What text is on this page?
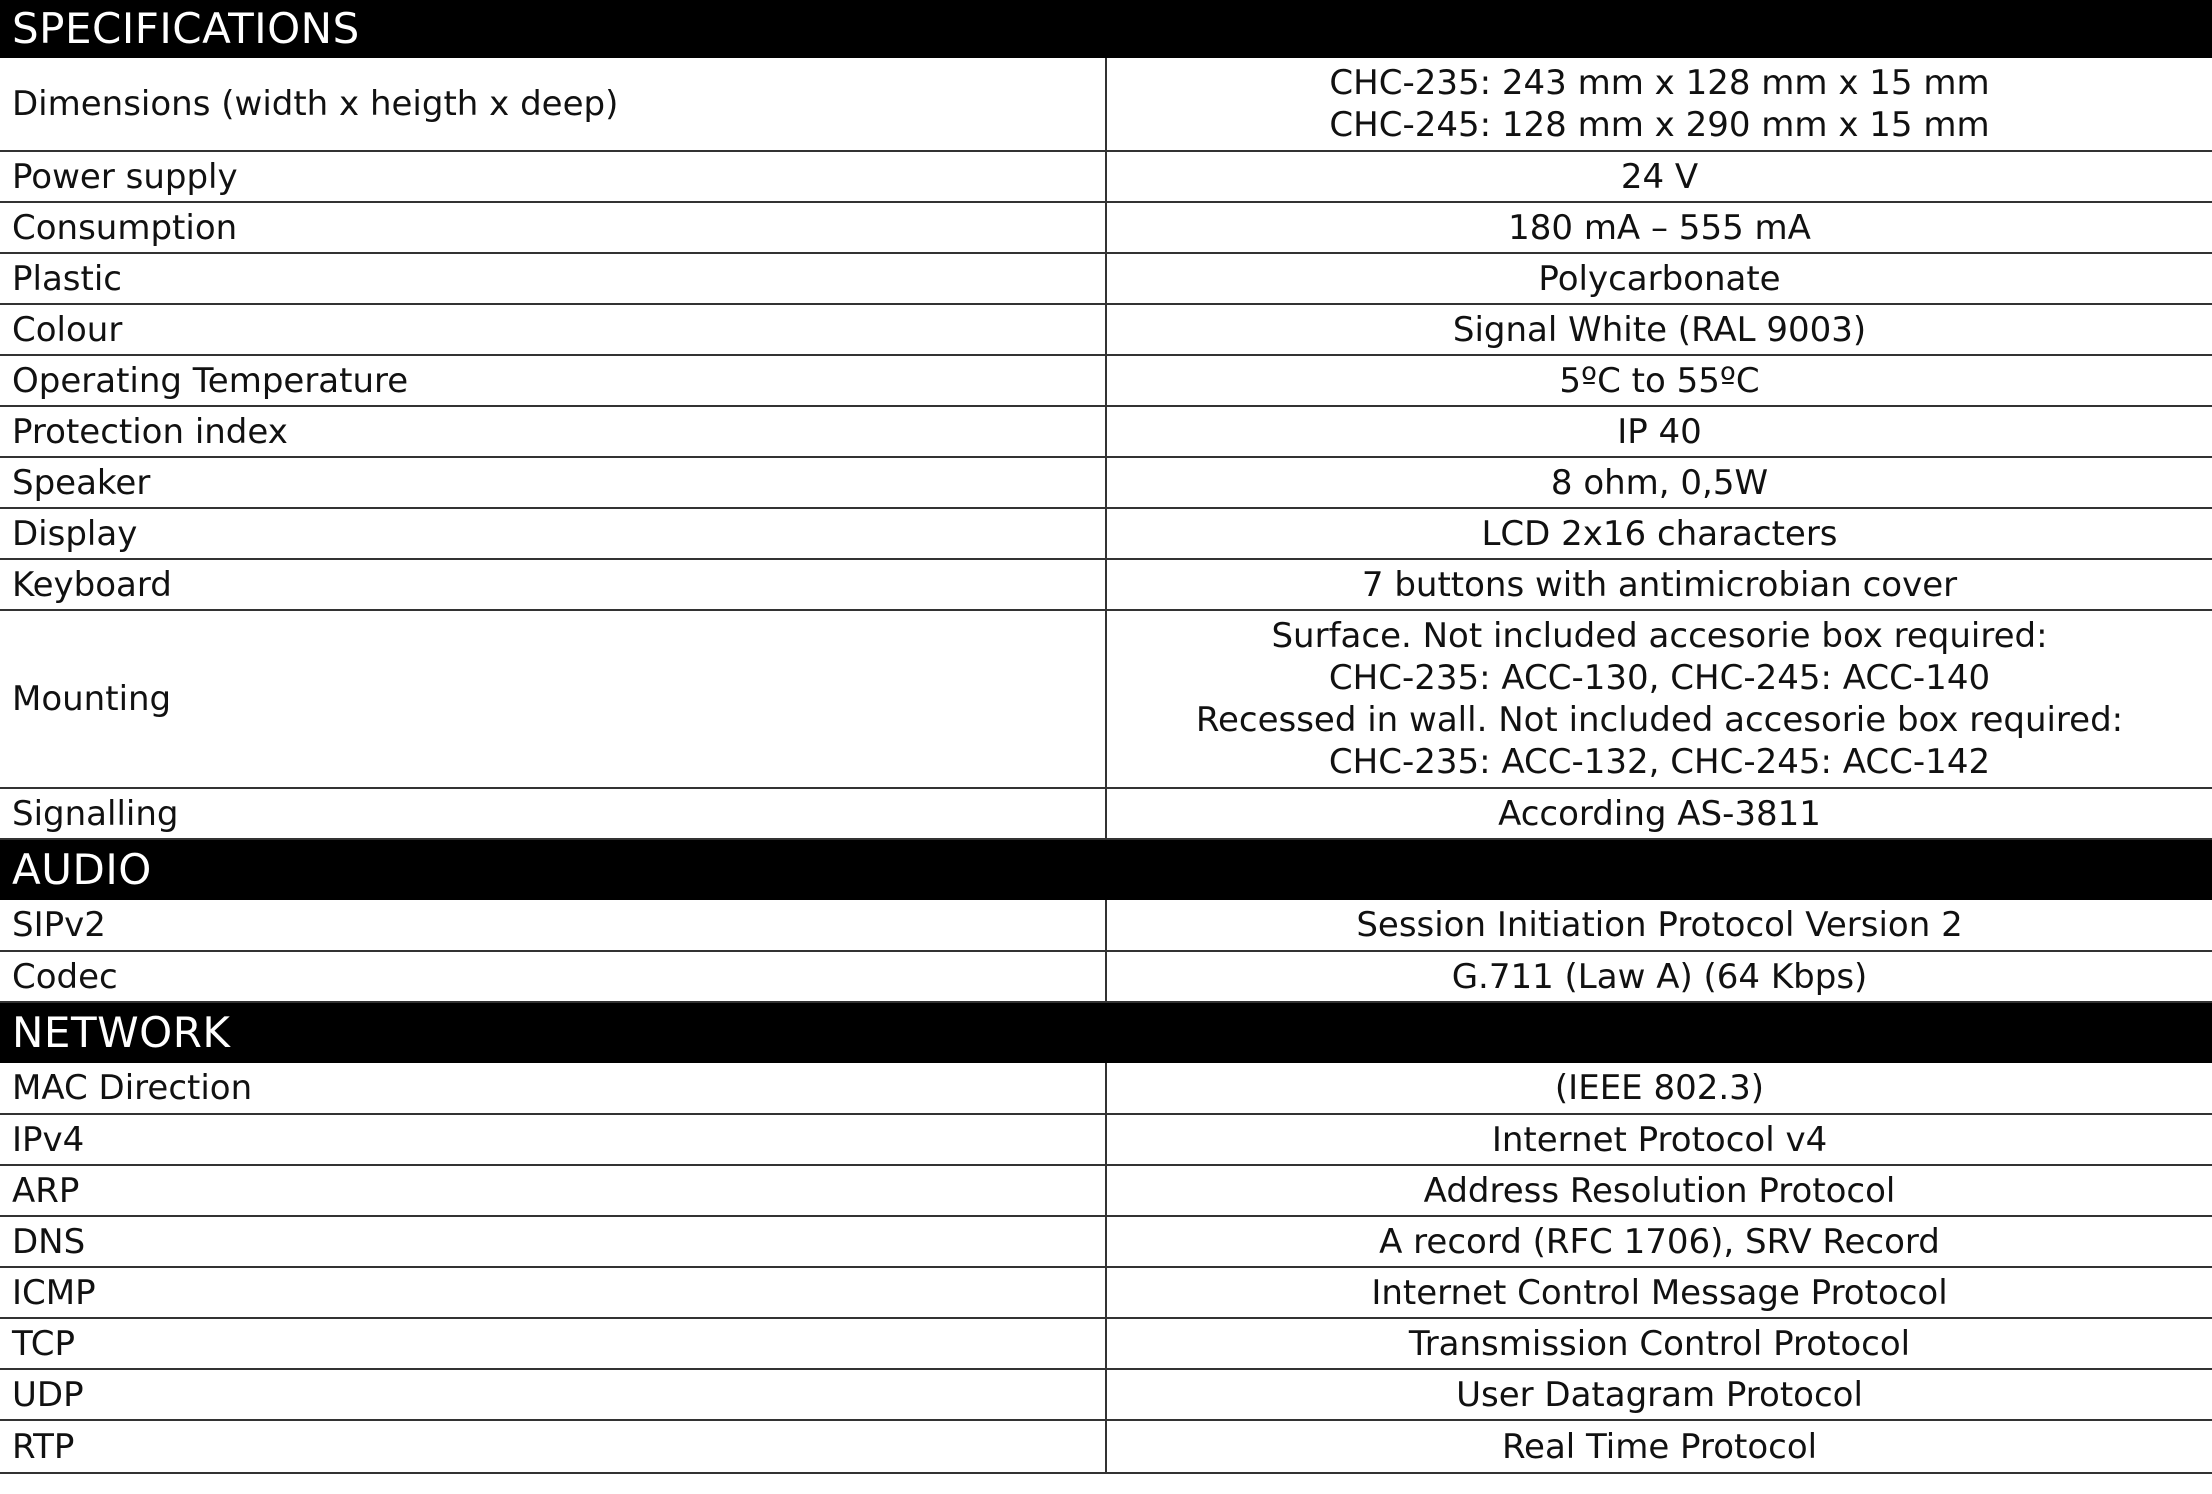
SPECIFICATIONS	
Dimensions (width x heigth x deep)	CHC-235: 243 mm x 128 mm x 15 mm
CHC-245: 128 mm x 290 mm x 15 mm

Power supply	24 V

Consumption	180 mA – 555 mA

Plastic	Polycarbonate

Colour	Signal White (RAL 9003)

Operating Temperature	5ºC to 55ºC

Protection index	IP 40

Speaker	8 ohm, 0,5W

Display	LCD 2x16 characters

Keyboard	7 buttons with antimicrobian cover

Mounting	Surface. Not included accesorie box required:
CHC-235: ACC-130, CHC-245: ACC-140
Recessed in wall. Not included accesorie box required:
CHC-235: ACC-132, CHC-245: ACC-142

Signalling	According AS-3811

AUDIO	
SIPv2	Session Initiation Protocol Version 2

Codec	G.711 (Law A) (64 Kbps)

NETWORK	
MAC Direction	(IEEE 802.3)

IPv4	Internet Protocol v4

ARP	Address Resolution Protocol

DNS	A record (RFC 1706), SRV Record

ICMP	Internet Control Message Protocol

TCP	Transmission Control Protocol

UDP	User Datagram Protocol

RTP	Real Time Protocol
